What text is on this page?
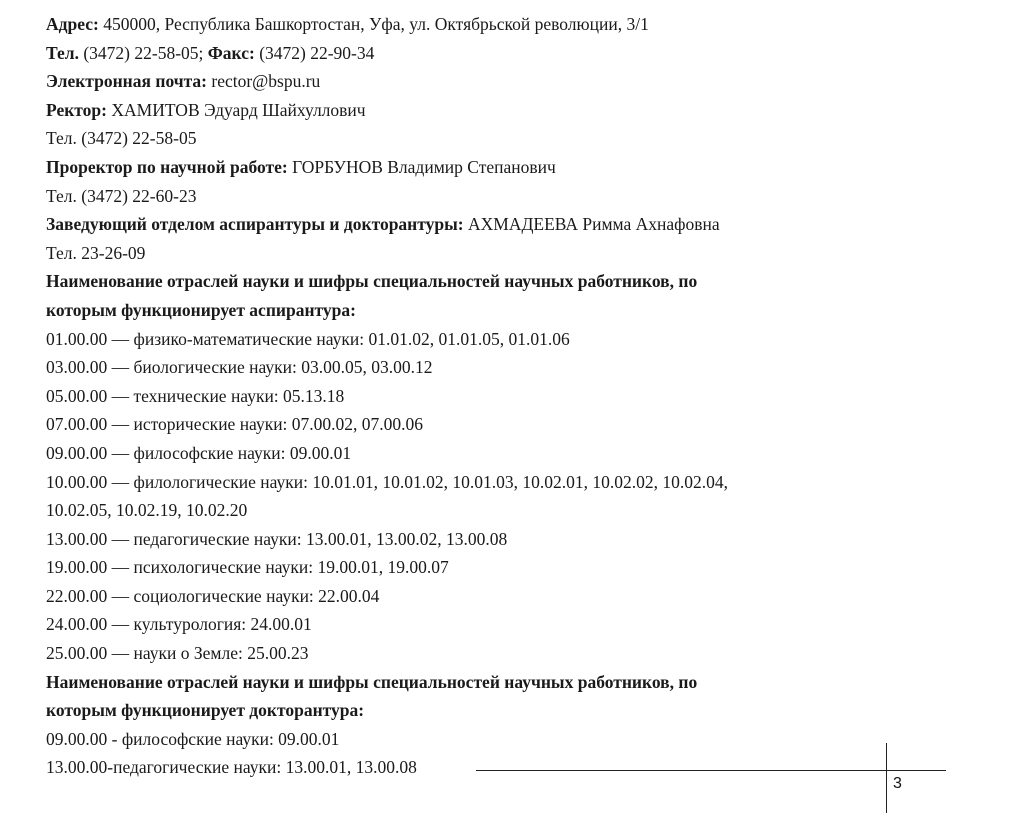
Адрес: 450000, Республика Башкортостан, Уфа, ул. Октябрьской революции, 3/1
Тел. (3472) 22-58-05; Факс: (3472) 22-90-34
Электронная почта: rector@bspu.ru
Ректор: ХАМИТОВ Эдуард Шайхуллович
Тел. (3472) 22-58-05
Проректор по научной работе: ГОРБУНОВ Владимир Степанович
Тел. (3472) 22-60-23
Заведующий отделом аспирантуры и докторантуры: АХМАДЕЕВА Римма Ахнафовна
Тел. 23-26-09
Наименование отраслей науки и шифры специальностей научных работников, по
которым функционирует аспирантура:
01.00.00 — физико-математические науки: 01.01.02, 01.01.05, 01.01.06
03.00.00 — биологические науки: 03.00.05, 03.00.12
05.00.00 — технические науки: 05.13.18
07.00.00 — исторические науки: 07.00.02, 07.00.06
09.00.00 — философские науки: 09.00.01
10.00.00 — филологические науки: 10.01.01, 10.01.02, 10.01.03, 10.02.01, 10.02.02, 10.02.04,
10.02.05, 10.02.19, 10.02.20
13.00.00 — педагогические науки: 13.00.01, 13.00.02, 13.00.08
19.00.00 — психологические науки: 19.00.01, 19.00.07
22.00.00 — социологические науки: 22.00.04
24.00.00 — культурология: 24.00.01
25.00.00 — науки о Земле: 25.00.23
Наименование отраслей науки и шифры специальностей научных работников, по
которым функционирует докторантура:
09.00.00 - философские науки: 09.00.01
13.00.00-педагогические науки: 13.00.01, 13.00.08
3
